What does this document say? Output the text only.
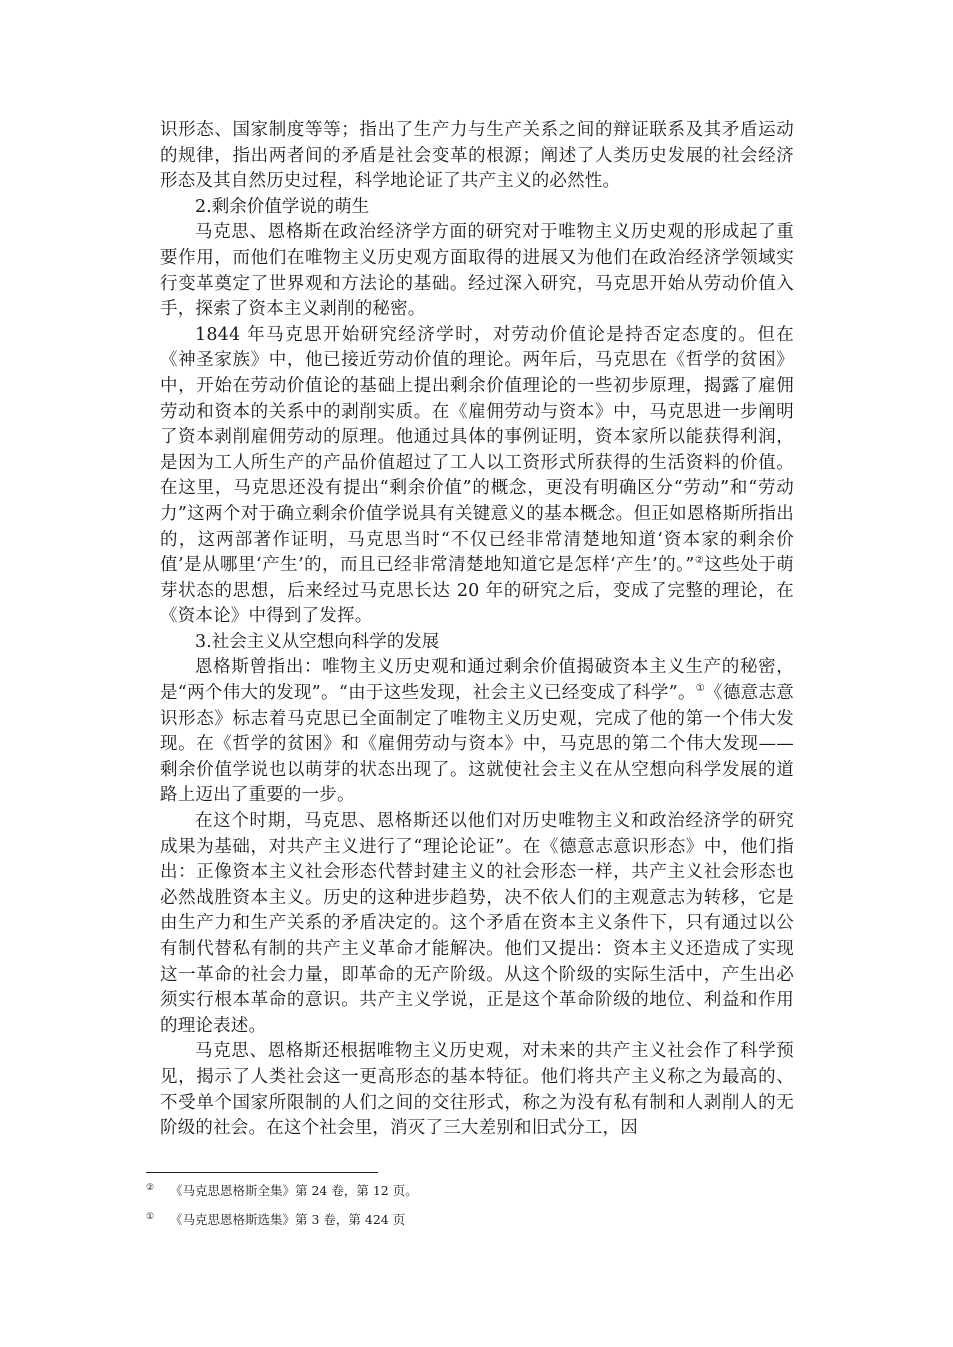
识形态、国家制度等等；指出了生产力与生产关系之间的辩证联系及其矛盾运动的规律，指出两者间的矛盾是社会变革的根源；阐述了人类历史发展的社会经济形态及其自然历史过程，科学地论证了共产主义的必然性。

2.剩余价值学说的萌生

马克思、恩格斯在政治经济学方面的研究对于唯物主义历史观的形成起了重要作用，而他们在唯物主义历史观方面取得的进展又为他们在政治经济学领域实行变革奠定了世界观和方法论的基础。经过深入研究，马克思开始从劳动价值入手，探索了资本主义剥削的秘密。

1844 年马克思开始研究经济学时，对劳动价值论是持否定态度的。但在《神圣家族》中，他已接近劳动价值的理论。两年后，马克思在《哲学的贫困》中，开始在劳动价值论的基础上提出剩余价值理论的一些初步原理，揭露了雇佣劳动和资本的关系中的剥削实质。在《雇佣劳动与资本》中，马克思进一步阐明了资本剥削雇佣劳动的原理。他通过具体的事例证明，资本家所以能获得利润，是因为工人所生产的产品价值超过了工人以工资形式所获得的生活资料的价值。在这里，马克思还没有提出“剩余价值”的概念，更没有明确区分“劳动”和“劳动力”这两个对于确立剩余价值学说具有关键意义的基本概念。但正如恩格斯所指出的，这两部著作证明，马克思当时“不仅已经非常清楚地知道‘资本家的剩余价值’是从哪里‘产生’的，而且已经非常清楚地知道它是怎样‘产生’的。”②这些处于萌芽状态的思想，后来经过马克思长达 20 年的研究之后，变成了完整的理论，在《资本论》中得到了发挥。

3.社会主义从空想向科学的发展

恩格斯曾指出：唯物主义历史观和通过剩余价值揭破资本主义生产的秘密，是“两个伟大的发现”。“由于这些发现，社会主义已经变成了科学”。①《德意志意识形态》标志着马克思已全面制定了唯物主义历史观，完成了他的第一个伟大发现。在《哲学的贫困》和《雇佣劳动与资本》中，马克思的第二个伟大发现——剩余价值学说也以萌芽的状态出现了。这就使社会主义在从空想向科学发展的道路上迈出了重要的一步。

在这个时期，马克思、恩格斯还以他们对历史唯物主义和政治经济学的研究成果为基础，对共产主义进行了“理论论证”。在《德意志意识形态》中，他们指出：正像资本主义社会形态代替封建主义的社会形态一样，共产主义社会形态也必然战胜资本主义。历史的这种进步趋势，决不依人们的主观意志为转移，它是由生产力和生产关系的矛盾决定的。这个矛盾在资本主义条件下，只有通过以公有制代替私有制的共产主义革命才能解决。他们又提出：资本主义还造成了实现这一革命的社会力量，即革命的无产阶级。从这个阶级的实际生活中，产生出必须实行根本革命的意识。共产主义学说，正是这个革命阶级的地位、利益和作用的理论表述。

马克思、恩格斯还根据唯物主义历史观，对未来的共产主义社会作了科学预见，揭示了人类社会这一更高形态的基本特征。他们将共产主义称之为最高的、不受单个国家所限制的人们之间的交往形式，称之为没有私有制和人剥削人的无阶级的社会。在这个社会里，消灭了三大差别和旧式分工，因

②	《马克思恩格斯全集》第 24 卷，第 12 页。
①	《马克思恩格斯选集》第 3 卷，第 424 页
